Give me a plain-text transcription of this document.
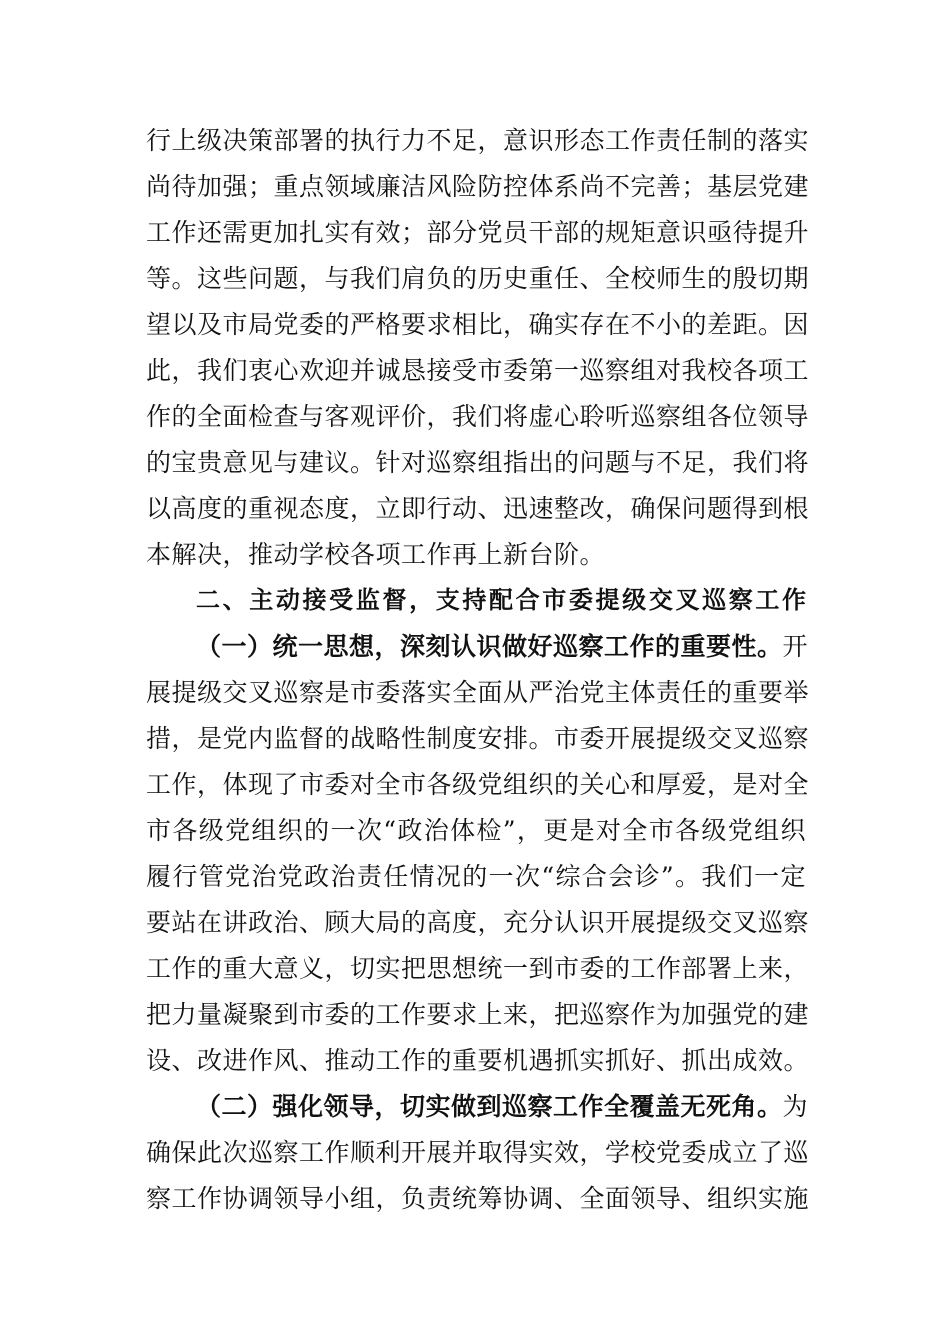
行上级决策部署的执行力不足，意识形态工作责任制的落实
尚待加强；重点领域廉洁风险防控体系尚不完善；基层党建
工作还需更加扎实有效；部分党员干部的规矩意识亟待提升
等。这些问题，与我们肩负的历史重任、全校师生的殷切期
望以及市局党委的严格要求相比，确实存在不小的差距。因
此，我们衷心欢迎并诚恳接受市委第一巡察组对我校各项工
作的全面检查与客观评价，我们将虚心聆听巡察组各位领导
的宝贵意见与建议。针对巡察组指出的问题与不足，我们将
以高度的重视态度，立即行动、迅速整改，确保问题得到根
本解决，推动学校各项工作再上新台阶。
二、主动接受监督，支持配合市委提级交叉巡察工作
（一）统一思想，深刻认识做好巡察工作的重要性。开
展提级交叉巡察是市委落实全面从严治党主体责任的重要举
措，是党内监督的战略性制度安排。市委开展提级交叉巡察
工作，体现了市委对全市各级党组织的关心和厚爱，是对全
市各级党组织的一次“政治体检”，更是对全市各级党组织
履行管党治党政治责任情况的一次“综合会诊”。我们一定
要站在讲政治、顾大局的高度，充分认识开展提级交叉巡察
工作的重大意义，切实把思想统一到市委的工作部署上来，
把力量凝聚到市委的工作要求上来，把巡察作为加强党的建
设、改进作风、推动工作的重要机遇抓实抓好、抓出成效。
（二）强化领导，切实做到巡察工作全覆盖无死角。为
确保此次巡察工作顺利开展并取得实效，学校党委成立了巡
察工作协调领导小组，负责统筹协调、全面领导、组织实施
